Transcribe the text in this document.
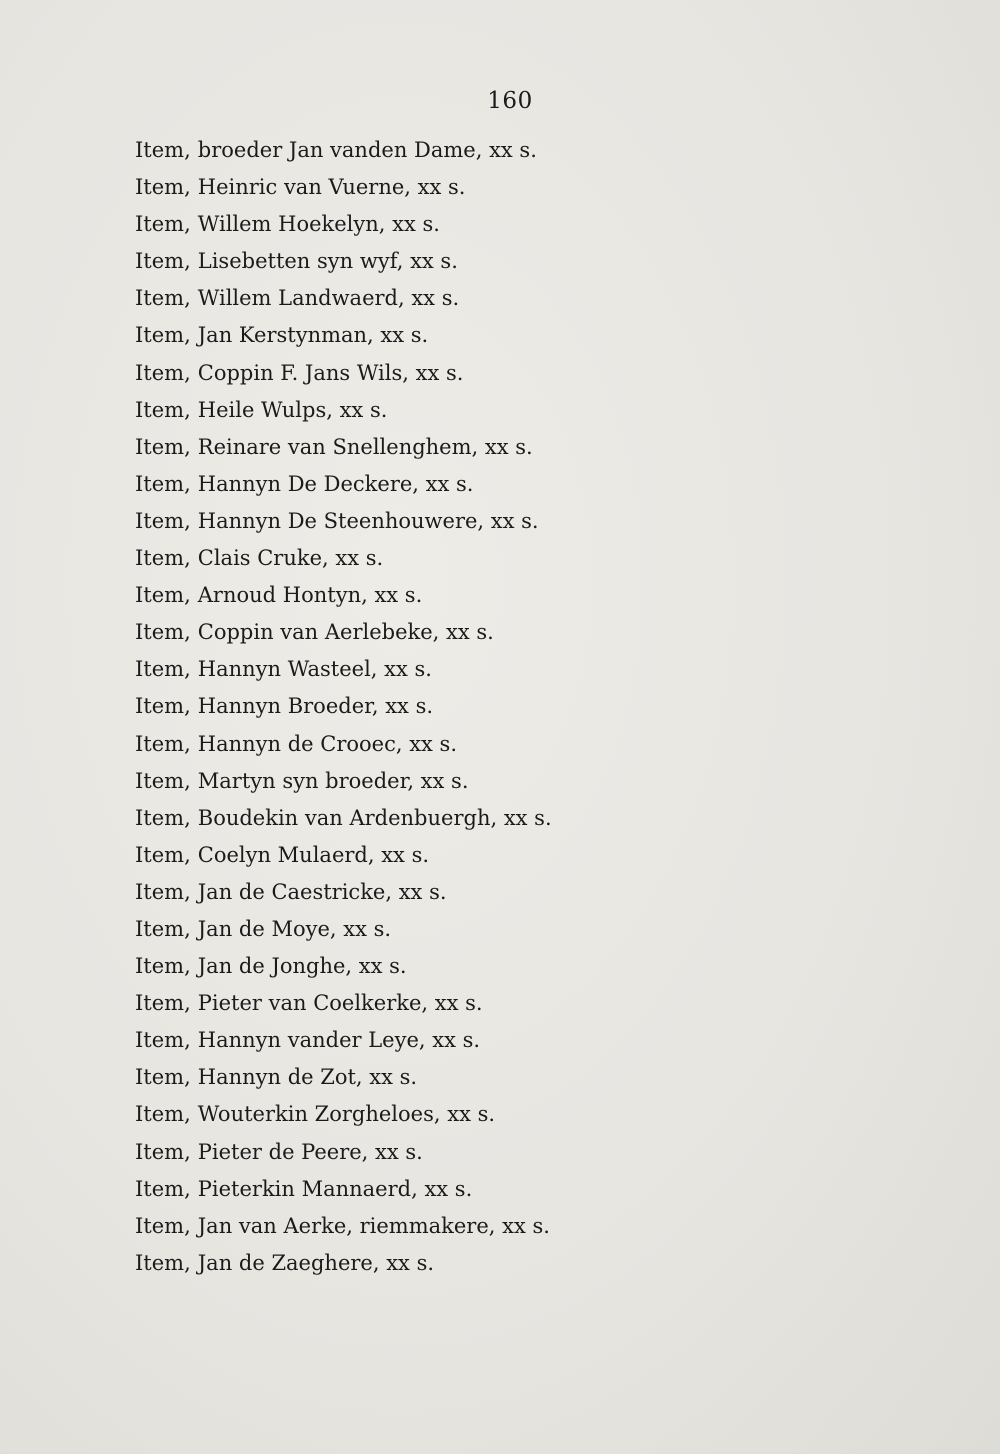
160
Item, broeder Jan vanden Dame, xx s.
Item, Heinric van Vuerne, xx s.
Item, Willem Hoekelyn, xx s.
Item, Lisebetten syn wyf, xx s.
Item, Willem Landwaerd, xx s.
Item, Jan Kerstynman, xx s.
Item, Coppin F. Jans Wils, xx s.
Item, Heile Wulps, xx s.
Item, Reinare van Snellenghem, xx s.
Item, Hannyn De Deckere, xx s.
Item, Hannyn De Steenhouwere, xx s.
Item, Clais Cruke, xx s.
Item, Arnoud Hontyn, xx s.
Item, Coppin van Aerlebeke, xx s.
Item, Hannyn Wasteel, xx s.
Item, Hannyn Broeder, xx s.
Item, Hannyn de Crooec, xx s.
Item, Martyn syn broeder, xx s.
Item, Boudekin van Ardenbuergh, xx s.
Item, Coelyn Mulaerd, xx s.
Item, Jan de Caestricke, xx s.
Item, Jan de Moye, xx s.
Item, Jan de Jonghe, xx s.
Item, Pieter van Coelkerke, xx s.
Item, Hannyn vander Leye, xx s.
Item, Hannyn de Zot, xx s.
Item, Wouterkin Zorgheloes, xx s.
Item, Pieter de Peere, xx s.
Item, Pieterkin Mannaerd, xx s.
Item, Jan van Aerke, riemmakere, xx s.
Item, Jan de Zaeghere, xx s.
